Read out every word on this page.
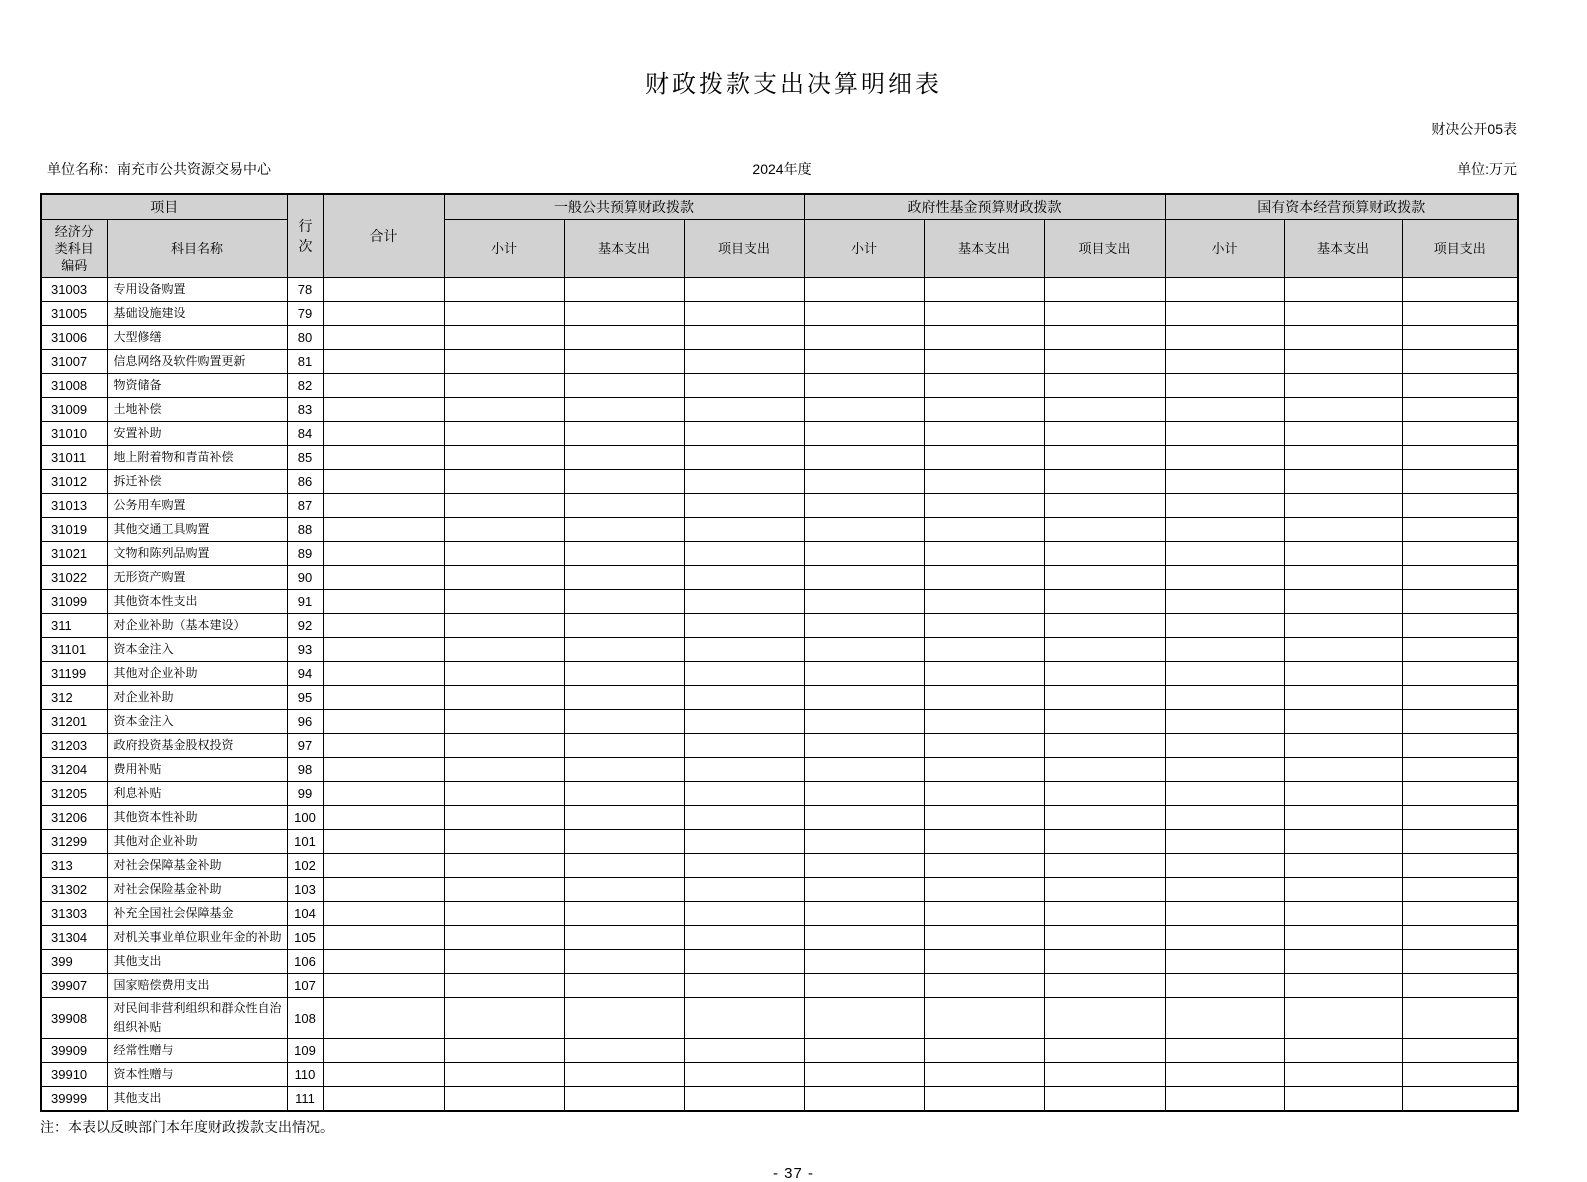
财政拨款支出决算明细表
财决公开05表
单位名称：南充市公共资源交易中心	2024年度	单位:万元
项目		行次	合计	一般公共预算财政拨款			政府性基金预算财政拨款			国有资本经营预算财政拨款		
经济分类科目编码	科目名称			小计	基本支出	项目支出	小计	基本支出	项目支出	小计	基本支出	项目支出
31003	专用设备购置	78										
31005	基础设施建设	79										
31006	大型修缮	80										
31007	信息网络及软件购置更新	81										
31008	物资储备	82										
31009	土地补偿	83										
31010	安置补助	84										
31011	地上附着物和青苗补偿	85										
31012	拆迁补偿	86										
31013	公务用车购置	87										
31019	其他交通工具购置	88										
31021	文物和陈列品购置	89										
31022	无形资产购置	90										
31099	其他资本性支出	91										
311	对企业补助（基本建设）	92										
31101	资本金注入	93										
31199	其他对企业补助	94										
312	对企业补助	95										
31201	资本金注入	96										
31203	政府投资基金股权投资	97										
31204	费用补贴	98										
31205	利息补贴	99										
31206	其他资本性补助	100										
31299	其他对企业补助	101										
313	对社会保障基金补助	102										
31302	对社会保险基金补助	103										
31303	补充全国社会保障基金	104										
31304	对机关事业单位职业年金的补助	105										
399	其他支出	106										
39907	国家赔偿费用支出	107										
39908	对民间非营利组织和群众性自治组织补贴	108										
39909	经常性赠与	109										
39910	资本性赠与	110										
39999	其他支出	111										
注：本表以反映部门本年度财政拨款支出情况。
- 37 -
